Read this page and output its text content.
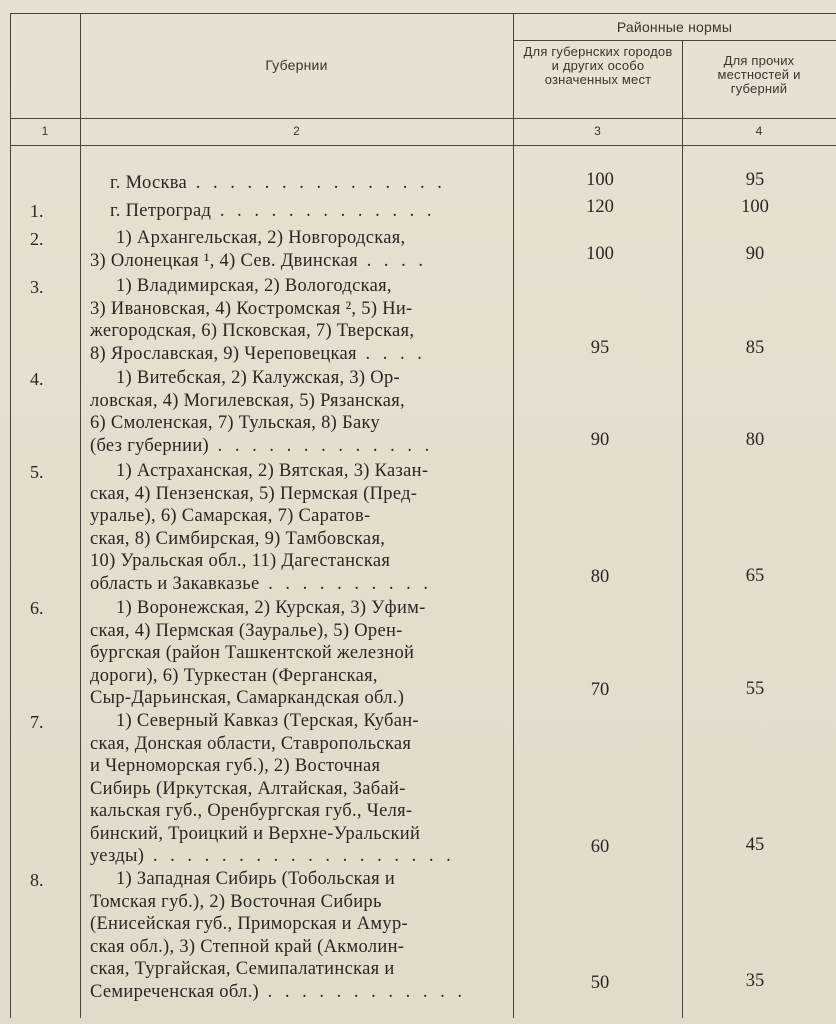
Губернии
Районные нормы
Для губернских городов и других особо означенных мест
Для прочих местностей и губерний
1	2	3	4
г. Москва . . . . . . . . . . . . . . .	100	95
1.	г. Петроград . . . . . . . . . . . . .	120	100
2.	1) Архангельская, 2) Новгородская,
3) Олонецкая ¹, 4) Сев. Двинская . . . .	100	90
3.	1) Владимирская, 2) Вологодская,
3) Ивановская, 4) Костромская ², 5) Ни-
жегородская, 6) Псковская, 7) Тверская,
8) Ярославская, 9) Череповецкая . . . .	95	85
4.	1) Витебская, 2) Калужская, 3) Ор-
ловская, 4) Могилевская, 5) Рязанская,
6) Смоленская, 7) Тульская, 8) Баку
(без губернии) . . . . . . . . . . . . .	90	80
5.	1) Астраханская, 2) Вятская, 3) Казан-
ская, 4) Пензенская, 5) Пермская (Пред-
уралье), 6) Самарская, 7) Саратов-
ская, 8) Симбирская, 9) Тамбовская,
10) Уральская обл., 11) Дагестанская
область и Закавказье . . . . . . . . . .	80	65
6.	1) Воронежская, 2) Курская, 3) Уфим-
ская, 4) Пермская (Зауралье), 5) Орен-
бургская (район Ташкентской железной
дороги), 6) Туркестан (Ферганская,
Сыр-Дарьинская, Самаркандская обл.)	70	55
7.	1) Северный Кавказ (Терская, Кубан-
ская, Донская области, Ставропольская
и Черноморская губ.), 2) Восточная
Сибирь (Иркутская, Алтайская, Забай-
кальская губ., Оренбургская губ., Челя-
бинский, Троицкий и Верхне-Уральский
уезды) . . . . . . . . . . . . . . . . . .	60	45
8.	1) Западная Сибирь (Тобольская и
Томская губ.), 2) Восточная Сибирь
(Енисейская губ., Приморская и Амур-
ская обл.), 3) Степной край (Акмолин-
ская, Тургайская, Семипалатинская и
Семиреченская обл.) . . . . . . . . . . . .	50	35
